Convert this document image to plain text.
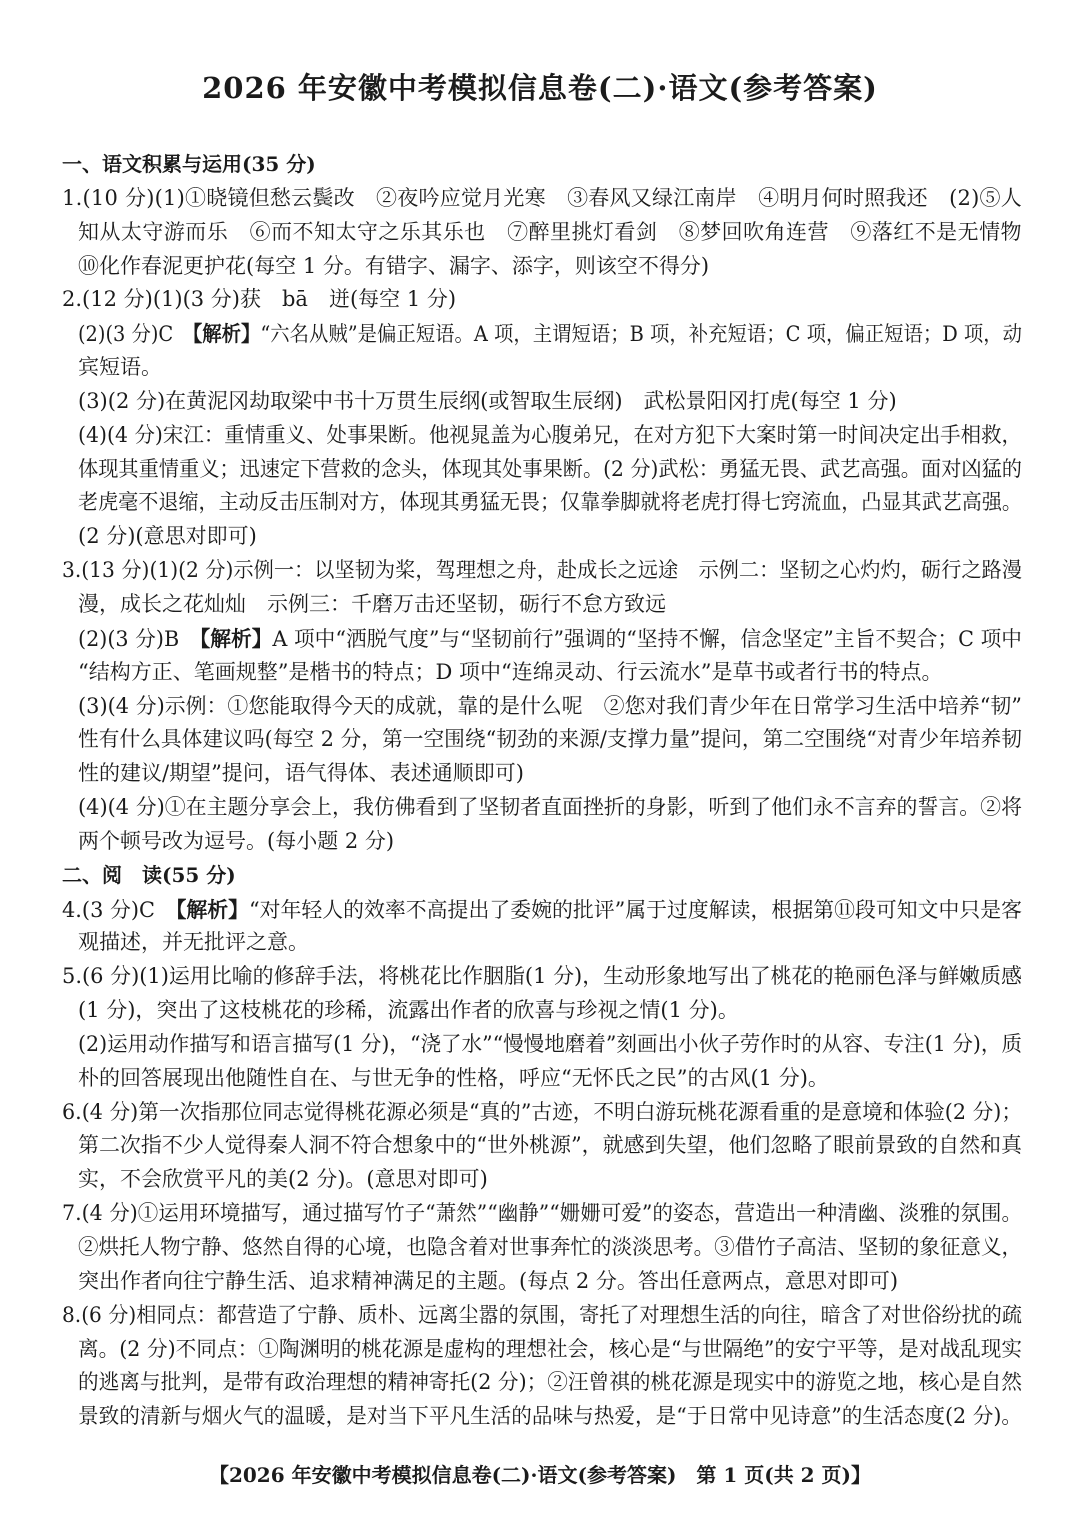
2026 年安徽中考模拟信息卷(二)·语文(参考答案)
一、语文积累与运用(35 分)
1.(10 分)(1)①晓镜但愁云鬓改　②夜吟应觉月光寒　③春风又绿江南岸　④明月何时照我还　(2)⑤人
知从太守游而乐　⑥而不知太守之乐其乐也　⑦醉里挑灯看剑　⑧梦回吹角连营　⑨落红不是无情物
⑩化作春泥更护花(每空 1 分。有错字、漏字、添字，则该空不得分)
2.(12 分)(1)(3 分)获　bā　迸(每空 1 分)
(2)(3 分)C　【解析】“六名从贼”是偏正短语。A 项，主谓短语；B 项，补充短语；C 项，偏正短语；D 项，动
宾短语。
(3)(2 分)在黄泥冈劫取梁中书十万贯生辰纲(或智取生辰纲)　武松景阳冈打虎(每空 1 分)
(4)(4 分)宋江：重情重义、处事果断。他视晁盖为心腹弟兄，在对方犯下大案时第一时间决定出手相救，
体现其重情重义；迅速定下营救的念头，体现其处事果断。(2 分)武松：勇猛无畏、武艺高强。面对凶猛的
老虎毫不退缩，主动反击压制对方，体现其勇猛无畏；仅靠拳脚就将老虎打得七窍流血，凸显其武艺高强。
(2 分)(意思对即可)
3.(13 分)(1)(2 分)示例一：以坚韧为桨，驾理想之舟，赴成长之远途　示例二：坚韧之心灼灼，砺行之路漫
漫，成长之花灿灿　示例三：千磨万击还坚韧，砺行不怠方致远
(2)(3 分)B　【解析】A 项中“洒脱气度”与“坚韧前行”强调的“坚持不懈，信念坚定”主旨不契合；C 项中
“结构方正、笔画规整”是楷书的特点；D 项中“连绵灵动、行云流水”是草书或者行书的特点。
(3)(4 分)示例：①您能取得今天的成就，靠的是什么呢　②您对我们青少年在日常学习生活中培养“韧”
性有什么具体建议吗(每空 2 分，第一空围绕“韧劲的来源/支撑力量”提问，第二空围绕“对青少年培养韧
性的建议/期望”提问，语气得体、表述通顺即可)
(4)(4 分)①在主题分享会上，我仿佛看到了坚韧者直面挫折的身影，听到了他们永不言弃的誓言。②将
两个顿号改为逗号。(每小题 2 分)
二、阅　读(55 分)
4.(3 分)C　【解析】“对年轻人的效率不高提出了委婉的批评”属于过度解读，根据第⑪段可知文中只是客
观描述，并无批评之意。
5.(6 分)(1)运用比喻的修辞手法，将桃花比作胭脂(1 分)，生动形象地写出了桃花的艳丽色泽与鲜嫩质感
(1 分)，突出了这枝桃花的珍稀，流露出作者的欣喜与珍视之情(1 分)。
(2)运用动作描写和语言描写(1 分)，“浇了水”“慢慢地磨着”刻画出小伙子劳作时的从容、专注(1 分)，质
朴的回答展现出他随性自在、与世无争的性格，呼应“无怀氏之民”的古风(1 分)。
6.(4 分)第一次指那位同志觉得桃花源必须是“真的”古迹，不明白游玩桃花源看重的是意境和体验(2 分)；
第二次指不少人觉得秦人洞不符合想象中的“世外桃源”，就感到失望，他们忽略了眼前景致的自然和真
实，不会欣赏平凡的美(2 分)。(意思对即可)
7.(4 分)①运用环境描写，通过描写竹子“萧然”“幽静”“姗姗可爱”的姿态，营造出一种清幽、淡雅的氛围。
②烘托人物宁静、悠然自得的心境，也隐含着对世事奔忙的淡淡思考。③借竹子高洁、坚韧的象征意义，
突出作者向往宁静生活、追求精神满足的主题。(每点 2 分。答出任意两点，意思对即可)
8.(6 分)相同点：都营造了宁静、质朴、远离尘嚣的氛围，寄托了对理想生活的向往，暗含了对世俗纷扰的疏
离。(2 分)不同点：①陶渊明的桃花源是虚构的理想社会，核心是“与世隔绝”的安宁平等，是对战乱现实
的逃离与批判，是带有政治理想的精神寄托(2 分)；②汪曾祺的桃花源是现实中的游览之地，核心是自然
景致的清新与烟火气的温暖，是对当下平凡生活的品味与热爱，是“于日常中见诗意”的生活态度(2 分)。
【2026 年安徽中考模拟信息卷(二)·语文(参考答案)　第 1 页(共 2 页)】
